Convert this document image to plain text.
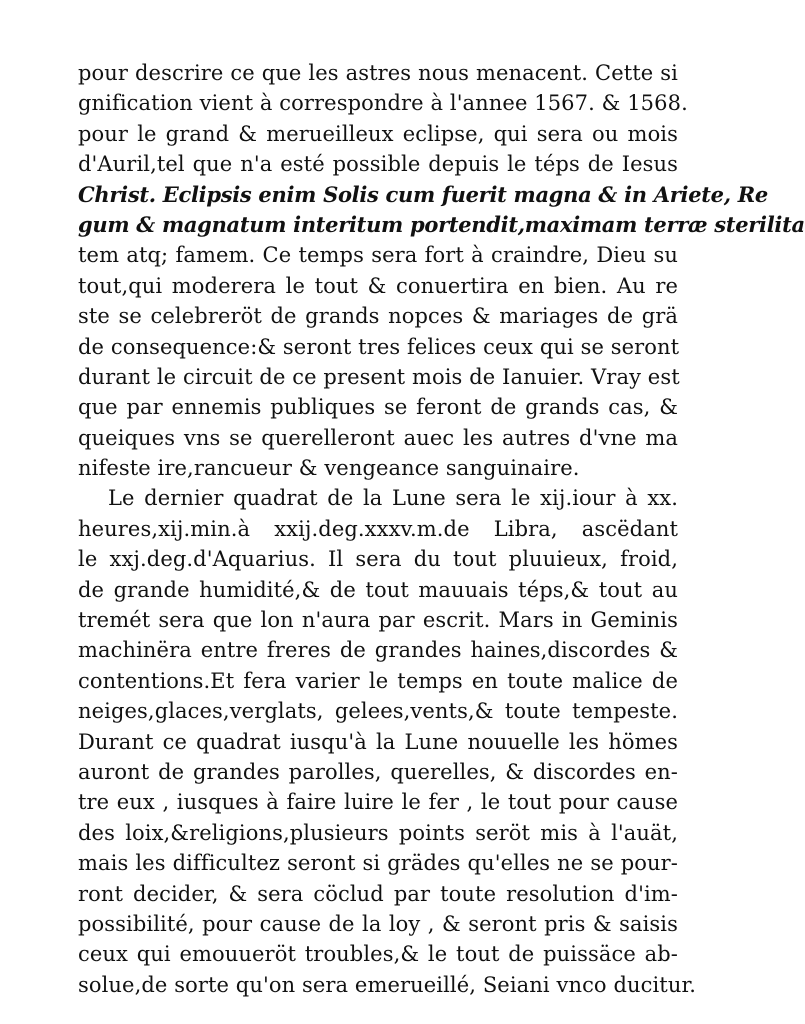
pour descrire ce que les astres nous menacent. Cette si
gnification vient à correspondre à l'annee 1567. & 1568.
pour le grand & merueilleux eclipse, qui sera ou mois
d'Auril,tel que n'a esté possible depuis le téps de Iesus
Christ. Eclipsis enim Solis cum fuerit magna & in Ariete, Re
gum & magnatum interitum portendit,maximam terræ sterilita
tem atq; famem. Ce temps sera fort à craindre, Dieu su
tout,qui moderera le tout & conuertira en bien. Au re
ste se celebreröt de grands nopces & mariages de grä
de consequence:& seront tres felices ceux qui se seront
durant le circuit de ce present mois de Ianuier. Vray est
que par ennemis publiques se feront de grands cas, &
queiques vns se querelleront auec les autres d'vne ma
nifeste ire,rancueur & vengeance sanguinaire.
Le dernier quadrat de la Lune sera le xij.iour à xx.
heures,xij.min.à xxij.deg.xxxv.m.de Libra, ascëdant
le xxj.deg.d'Aquarius. Il sera du tout pluuieux, froid,
de grande humidité,& de tout mauuais téps,& tout au
tremét sera que lon n'aura par escrit. Mars in Geminis
machinëra entre freres de grandes haines,discordes &
contentions.Et fera varier le temps en toute malice de
neiges,glaces,verglats, gelees,vents,& toute tempeste.
Durant ce quadrat iusqu'à la Lune nouuelle les hömes
auront de grandes parolles, querelles, & discordes en-
tre eux , iusques à faire luire le fer , le tout pour cause
des loix,&religions,plusieurs points seröt mis à l'auät,
mais les difficultez seront si grädes qu'elles ne se pour-
ront decider, & sera cöclud par toute resolution d'im-
possibilité, pour cause de la loy , & seront pris & saisis
ceux qui emouueröt troubles,& le tout de puissäce ab-
solue,de sorte qu'on sera emerueillé, Seiani vnco ducitur.
